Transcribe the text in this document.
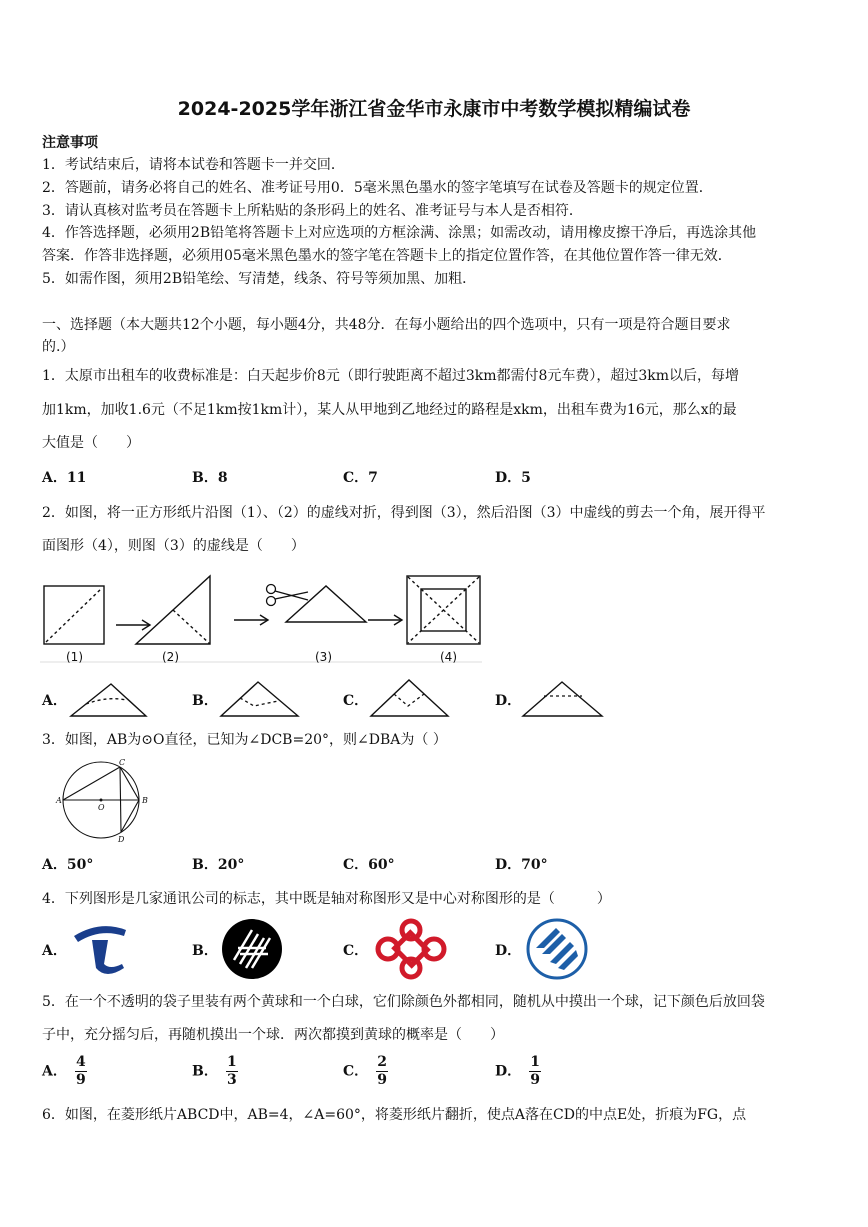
2024-2025学年浙江省金华市永康市中考数学模拟精编试卷
注意事项
1．考试结束后，请将本试卷和答题卡一并交回．
2．答题前，请务必将自己的姓名、准考证号用0．5毫米黑色墨水的签字笔填写在试卷及答题卡的规定位置．
3．请认真核对监考员在答题卡上所粘贴的条形码上的姓名、准考证号与本人是否相符．
4．作答选择题，必须用2B铅笔将答题卡上对应选项的方框涂满、涂黑；如需改动，请用橡皮擦干净后，再选涂其他
答案．作答非选择题，必须用05毫米黑色墨水的签字笔在答题卡上的指定位置作答，在其他位置作答一律无效．
5．如需作图，须用2B铅笔绘、写清楚，线条、符号等须加黑、加粗．
一、选择题（本大题共12个小题，每小题4分，共48分．在每小题给出的四个选项中，只有一项是符合题目要求
的.）
1．太原市出租车的收费标准是：白天起步价8元（即行驶距离不超过3km都需付8元车费），超过3km以后，每增
加1km，加收1.6元（不足1km按1km计），某人从甲地到乙地经过的路程是xkm，出租车费为16元，那么x的最
大值是（　　）
A．11	B．8	C．7	D．5
2．如图，将一正方形纸片沿图（1）、（2）的虚线对折，得到图（3），然后沿图（3）中虚线的剪去一个角，展开得平
面图形（4），则图（3）的虚线是（　　）
(1)	(2)	(3)	(4)
A．	B．	C．	D．
3．如图，AB为⊙O直径，已知为∠DCB=20°，则∠DBA为（ ）
A	B
C
D
O
A．50°	B．20°	C．60°	D．70°
4．下列图形是几家通讯公司的标志，其中既是轴对称图形又是中心对称图形的是（　　　）
A．	B．	C．	D．
5．在一个不透明的袋子里装有两个黄球和一个白球，它们除颜色外都相同，随机从中摸出一个球，记下颜色后放回袋
子中，充分摇匀后，再随机摸出一个球．两次都摸到黄球的概率是（　　）
A． $\frac{4}{9}$	B． $\frac{1}{3}$	C． $\frac{2}{9}$	D． $\frac{1}{9}$
6．如图，在菱形纸片ABCD中，AB=4，∠A=60°，将菱形纸片翻折，使点A落在CD的中点E处，折痕为FG，点
